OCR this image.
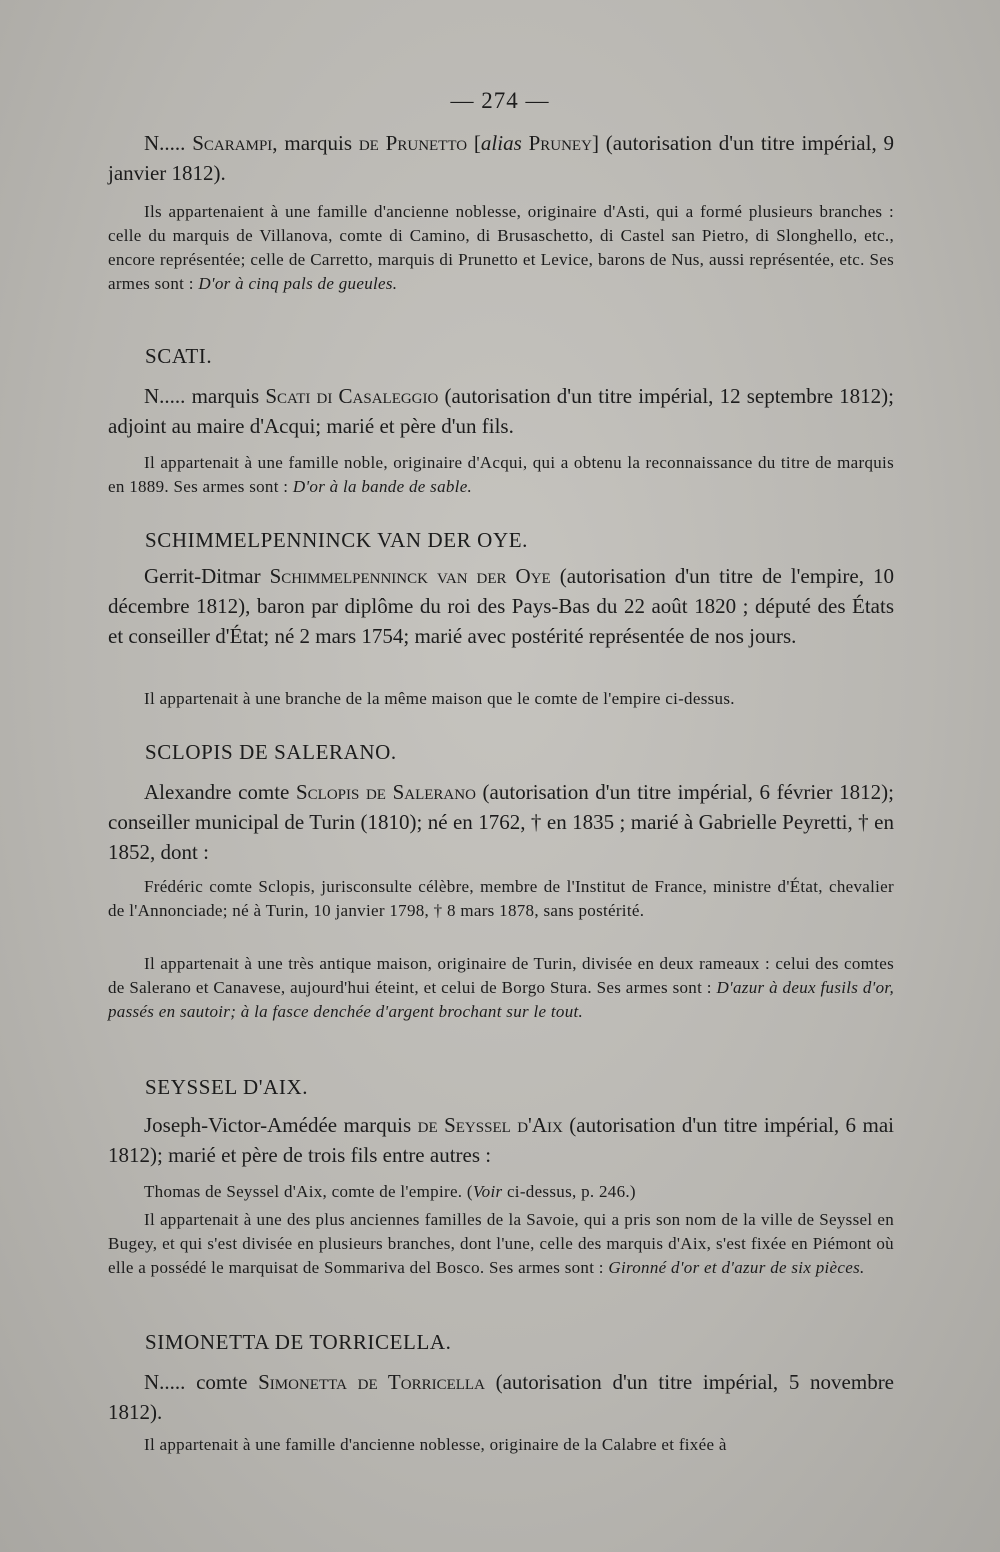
— 274 —

N..... Scarampi, marquis de Prunetto [alias Pruney] (autorisation d'un titre impérial, 9 janvier 1812).

Ils appartenaient à une famille d'ancienne noblesse, originaire d'Asti, qui a formé plusieurs branches : celle du marquis de Villanova, comte di Camino, di Brusaschetto, di Castel san Pietro, di Slonghello, etc., encore représentée; celle de Carretto, marquis di Prunetto et Levice, barons de Nus, aussi représentée, etc. Ses armes sont : D'or à cinq pals de gueules.

SCATI.

N..... marquis Scati di Casaleggio (autorisation d'un titre impérial, 12 septembre 1812); adjoint au maire d'Acqui; marié et père d'un fils.

Il appartenait à une famille noble, originaire d'Acqui, qui a obtenu la reconnaissance du titre de marquis en 1889. Ses armes sont : D'or à la bande de sable.

SCHIMMELPENNINCK VAN DER OYE.

Gerrit-Ditmar Schimmelpenninck van der Oye (autorisation d'un titre de l'empire, 10 décembre 1812), baron par diplôme du roi des Pays-Bas du 22 août 1820 ; député des États et conseiller d'État; né 2 mars 1754; marié avec postérité représentée de nos jours.

Il appartenait à une branche de la même maison que le comte de l'empire ci-dessus.

SCLOPIS DE SALERANO.

Alexandre comte Sclopis de Salerano (autorisation d'un titre impérial, 6 février 1812); conseiller municipal de Turin (1810); né en 1762, † en 1835 ; marié à Gabrielle Peyretti, † en 1852, dont :

Frédéric comte Sclopis, jurisconsulte célèbre, membre de l'Institut de France, ministre d'État, chevalier de l'Annonciade; né à Turin, 10 janvier 1798, † 8 mars 1878, sans postérité.

Il appartenait à une très antique maison, originaire de Turin, divisée en deux rameaux : celui des comtes de Salerano et Canavese, aujourd'hui éteint, et celui de Borgo Stura. Ses armes sont : D'azur à deux fusils d'or, passés en sautoir; à la fasce denchée d'argent brochant sur le tout.

SEYSSEL D'AIX.

Joseph-Victor-Amédée marquis de Seyssel d'Aix (autorisation d'un titre impérial, 6 mai 1812); marié et père de trois fils entre autres :

Thomas de Seyssel d'Aix, comte de l'empire. (Voir ci-dessus, p. 246.)

Il appartenait à une des plus anciennes familles de la Savoie, qui a pris son nom de la ville de Seyssel en Bugey, et qui s'est divisée en plusieurs branches, dont l'une, celle des marquis d'Aix, s'est fixée en Piémont où elle a possédé le marquisat de Sommariva del Bosco. Ses armes sont : Gironné d'or et d'azur de six pièces.

SIMONETTA DE TORRICELLA.

N..... comte Simonetta de Torricella (autorisation d'un titre impérial, 5 novembre 1812).

Il appartenait à une famille d'ancienne noblesse, originaire de la Calabre et fixée à
